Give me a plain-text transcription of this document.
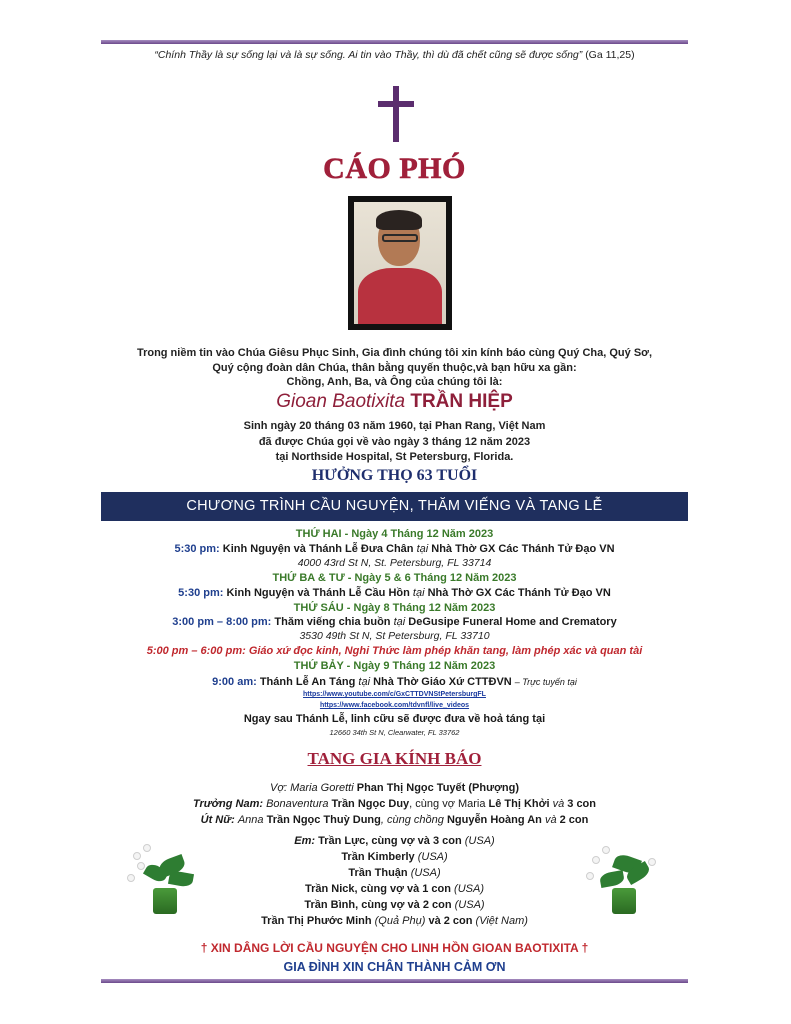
“Chính Thầy là sự sống lại và là sự sống. Ai tin vào Thầy, thì dù đã chết cũng sẽ được sống” (Ga 11,25)
CÁO PHÓ
Trong niềm tin vào Chúa Giêsu Phục Sinh, Gia đình chúng tôi xin kính báo cùng Quý Cha, Quý Sơ,
Quý cộng đoàn dân Chúa, thân bằng quyến thuộc,và bạn hữu xa gần:
Chồng, Anh, Ba, và Ông của chúng tôi là:
Gioan Baotixita TRẦN HIỆP
Sinh ngày 20 tháng 03 năm 1960, tại Phan Rang, Việt Nam
đã được Chúa gọi về vào ngày 3 tháng 12 năm 2023
tại Northside Hospital, St Petersburg, Florida.
HƯỞNG THỌ 63 TUỔI
CHƯƠNG TRÌNH CẦU NGUYỆN, THĂM VIẾNG VÀ TANG LỄ
THỨ HAI - Ngày 4 Tháng 12 Năm 2023
5:30 pm: Kinh Nguyện và Thánh Lễ Đưa Chân tại Nhà Thờ GX Các Thánh Tử Đạo VN
4000 43rd St N, St. Petersburg, FL 33714
THỨ BA & TƯ - Ngày 5 & 6 Tháng 12 Năm 2023
5:30 pm: Kinh Nguyện và Thánh Lễ Cầu Hồn tại Nhà Thờ GX Các Thánh Tử Đạo VN
THỨ SÁU - Ngày 8 Tháng 12 Năm 2023
3:00 pm – 8:00 pm: Thăm viếng chia buồn tại DeGusipe Funeral Home and Crematory
3530 49th St N, St Petersburg, FL 33710
5:00 pm – 6:00 pm: Giáo xứ đọc kinh, Nghi Thức làm phép khăn tang, làm phép xác và quan tài
THỨ BẢY - Ngày 9 Tháng 12 Năm 2023
9:00 am: Thánh Lễ An Táng tại Nhà Thờ Giáo Xứ CTTĐVN – Trực tuyến tại
https://www.youtube.com/c/GxCTTDVNStPetersburgFL
https://www.facebook.com/tdvnfl/live_videos
Ngay sau Thánh Lễ, linh cữu sẽ được đưa về hoả táng tại
12660 34th St N, Clearwater, FL 33762
TANG GIA KÍNH BÁO
Vợ: Maria Goretti Phan Thị Ngọc Tuyết (Phượng)
Trưởng Nam: Bonaventura Trần Ngọc Duy, cùng vợ Maria Lê Thị Khởi và 3 con
Út Nữ: Anna Trần Ngọc Thuỳ Dung, cùng chồng Nguyễn Hoàng An và 2 con
Em: Trần Lực, cùng vợ và 3 con (USA)
Trần Kimberly (USA)
Trần Thuận (USA)
Trần Nick, cùng vợ và 1 con (USA)
Trần Bình, cùng vợ và 2 con (USA)
Trần Thị Phước Minh (Quả Phụ) và 2 con (Việt Nam)
† XIN DÂNG LỜI CẦU NGUYỆN CHO LINH HỒN GIOAN BAOTIXITA †
GIA ĐÌNH XIN CHÂN THÀNH CẢM ƠN
